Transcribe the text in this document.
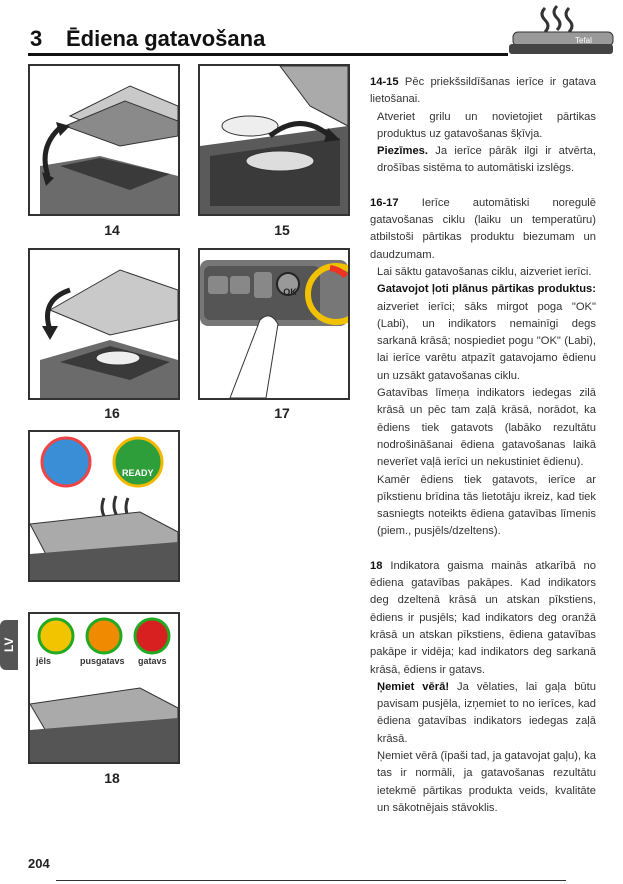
3 Ēdiena gatavošana	Tefal
14	15
16
OK
17
READY
jēls	pusgatavs gatavs
18
LV

14-15 Pēc priekšsildīšanas ierīce ir gatava lietošanai.

Atveriet grilu un novietojiet pārtikas produktus uz gatavošanas šķīvja.

Piezīmes. Ja ierīce pārāk ilgi ir atvērta, drošības sistēma to automātiski izslēgs.

16-17 Ierīce automātiski noregulē gatavošanas ciklu (laiku un temperatūru) atbilstoši pārtikas produktu biezumam un daudzumam.

Lai sāktu gatavošanas ciklu, aizveriet ierīci.

Gatavojot ļoti plānus pārtikas produktus: aizveriet ierīci; sāks mirgot poga "OK" (Labi), un indikators nemainīgi degs sarkanā krāsā; nospiediet pogu "OK" (Labi), lai ierīce varētu atpazīt gatavojamo ēdienu un uzsākt gatavošanas ciklu.

Gatavības līmeņa indikators iedegas zilā krāsā un pēc tam zaļā krāsā, norādot, ka ēdiens tiek gatavots (labāko rezultātu nodrošināšanai ēdiena gatavošanas laikā neverīet vaļā ierīci un nekustiniet ēdienu).

Kamēr ēdiens tiek gatavots, ierīce ar pīkstienu brīdina tās lietotāju ikreiz, kad tiek sasniegts noteikts ēdiena gatavības līmenis (piem., pusjēls/dzeltens).

18 Indikatora gaisma mainās atkarībā no ēdiena gatavības pakāpes. Kad indikators deg dzeltenā krāsā un atskan pīkstiens, ēdiens ir pusjēls; kad indikators deg oranžā krāsā un atskan pīkstiens, ēdiena gatavības pakāpe ir vidēja; kad indikators deg sarkanā krāsā, ēdiens ir gatavs.

Ņemiet vērā! Ja vēlaties, lai gaļa būtu pavisam pusjēla, izņemiet to no ierīces, kad ēdiena gatavības indikators iedegas zaļā krāsā.

Ņemiet vērā (īpaši tad, ja gatavojat gaļu), ka tas ir normāli, ja gatavošanas rezultātu ietekmē pārtikas produkta veids, kvalitāte un sākotnējais stāvoklis.

204
